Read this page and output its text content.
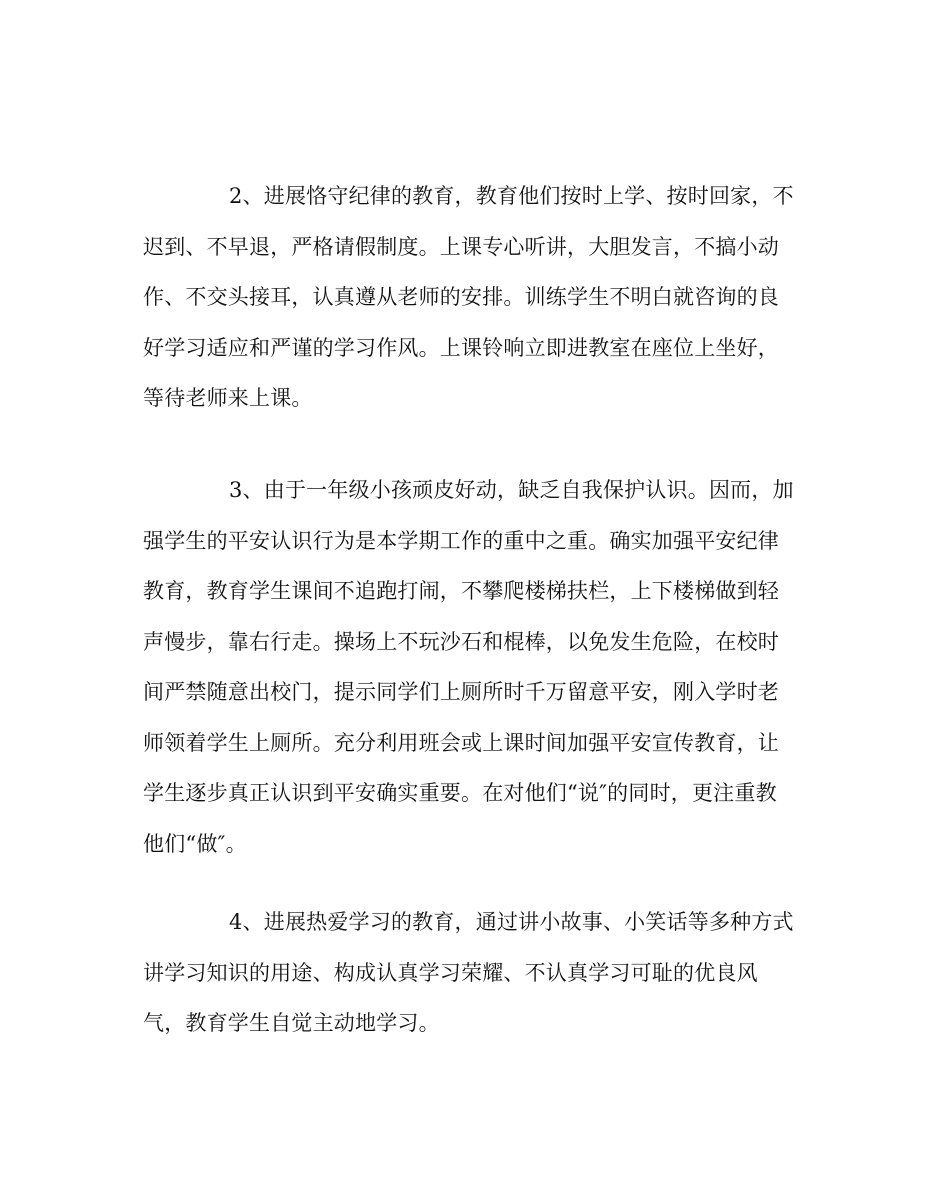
2、进展恪守纪律的教育，教育他们按时上学、按时回家，不
迟到、不早退，严格请假制度。上课专心听讲，大胆发言，不搞小动
作、不交头接耳，认真遵从老师的安排。训练学生不明白就咨询的良
好学习适应和严谨的学习作风。上课铃响立即进教室在座位上坐好，
等待老师来上课。
3、由于一年级小孩顽皮好动，缺乏自我保护认识。因而，加
强学生的平安认识行为是本学期工作的重中之重。确实加强平安纪律
教育，教育学生课间不追跑打闹，不攀爬楼梯扶栏，上下楼梯做到轻
声慢步，靠右行走。操场上不玩沙石和棍棒，以免发生危险，在校时
间严禁随意出校门，提示同学们上厕所时千万留意平安，刚入学时老
师领着学生上厕所。充分利用班会或上课时间加强平安宣传教育，让
学生逐步真正认识到平安确实重要。在对他们“说″的同时，更注重教
他们“做″。
4、进展热爱学习的教育，通过讲小故事、小笑话等多种方式
讲学习知识的用途、构成认真学习荣耀、不认真学习可耻的优良风
气，教育学生自觉主动地学习。
